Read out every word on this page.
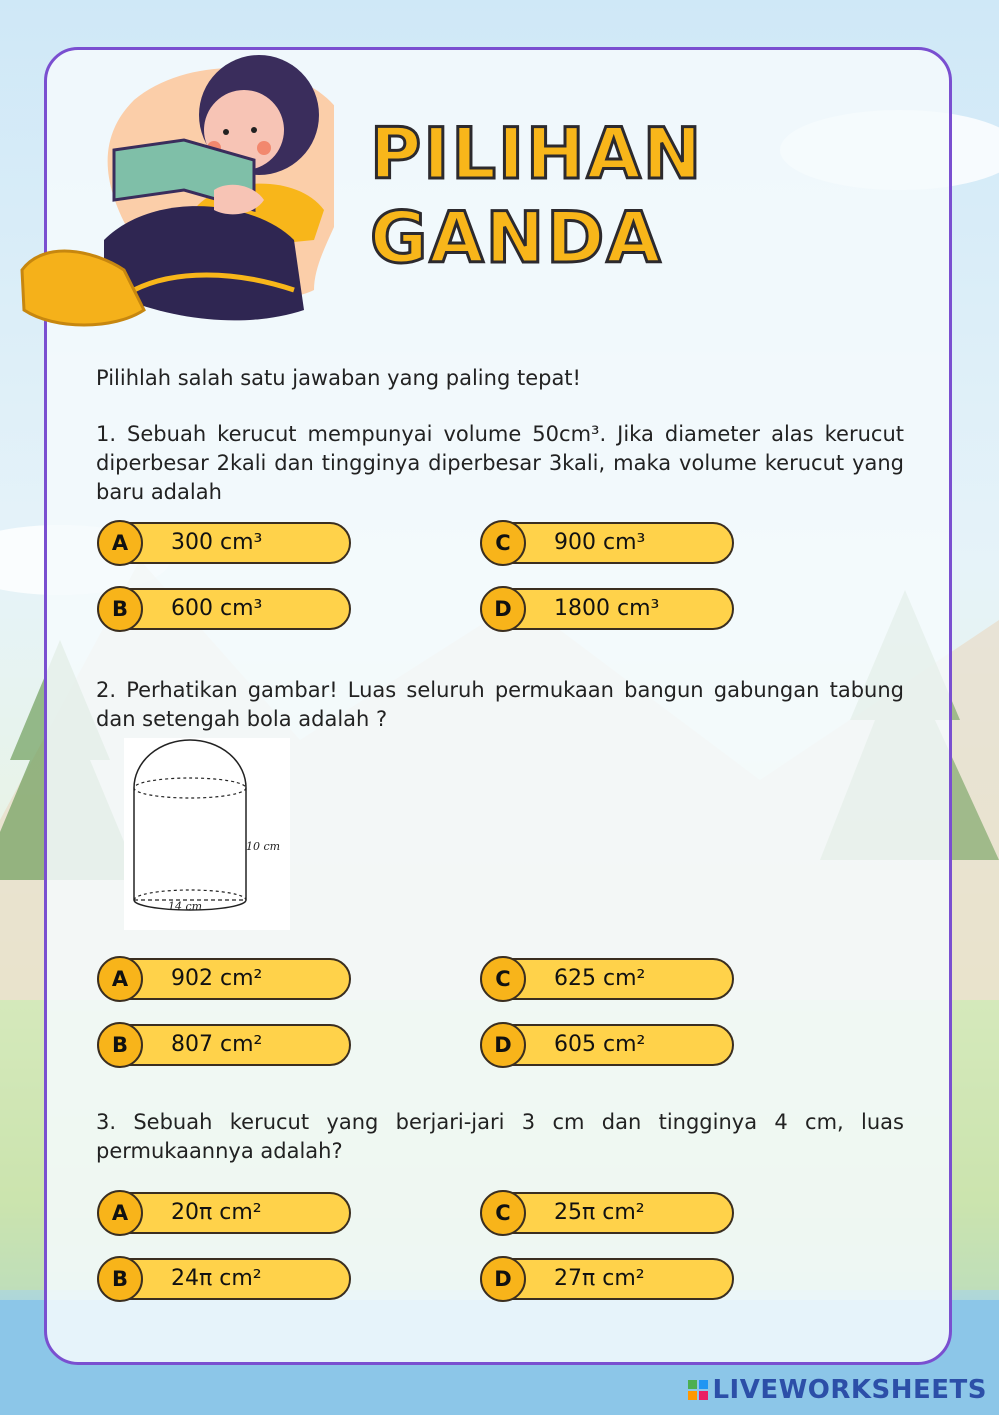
PILIHAN
GANDA
Pilihlah salah satu jawaban yang paling tepat!
1. Sebuah kerucut mempunyai volume 50cm³. Jika diameter alas kerucut diperbesar 2kali dan tingginya diperbesar 3kali, maka volume kerucut yang baru adalah
A	300 cm³
B	600 cm³
C	900 cm³
D	1800 cm³
2. Perhatikan gambar! Luas seluruh permukaan bangun gabungan tabung dan setengah bola adalah ?
10 cm
14 cm
A	902 cm²
B	807 cm²
C	625 cm²
D	605 cm²
3. Sebuah kerucut yang berjari-jari 3 cm dan tingginya 4 cm, luas permukaannya adalah?
A	20π cm²
B	24π cm²
C	25π cm²
D	27π cm²
LIVEWORKSHEETS
